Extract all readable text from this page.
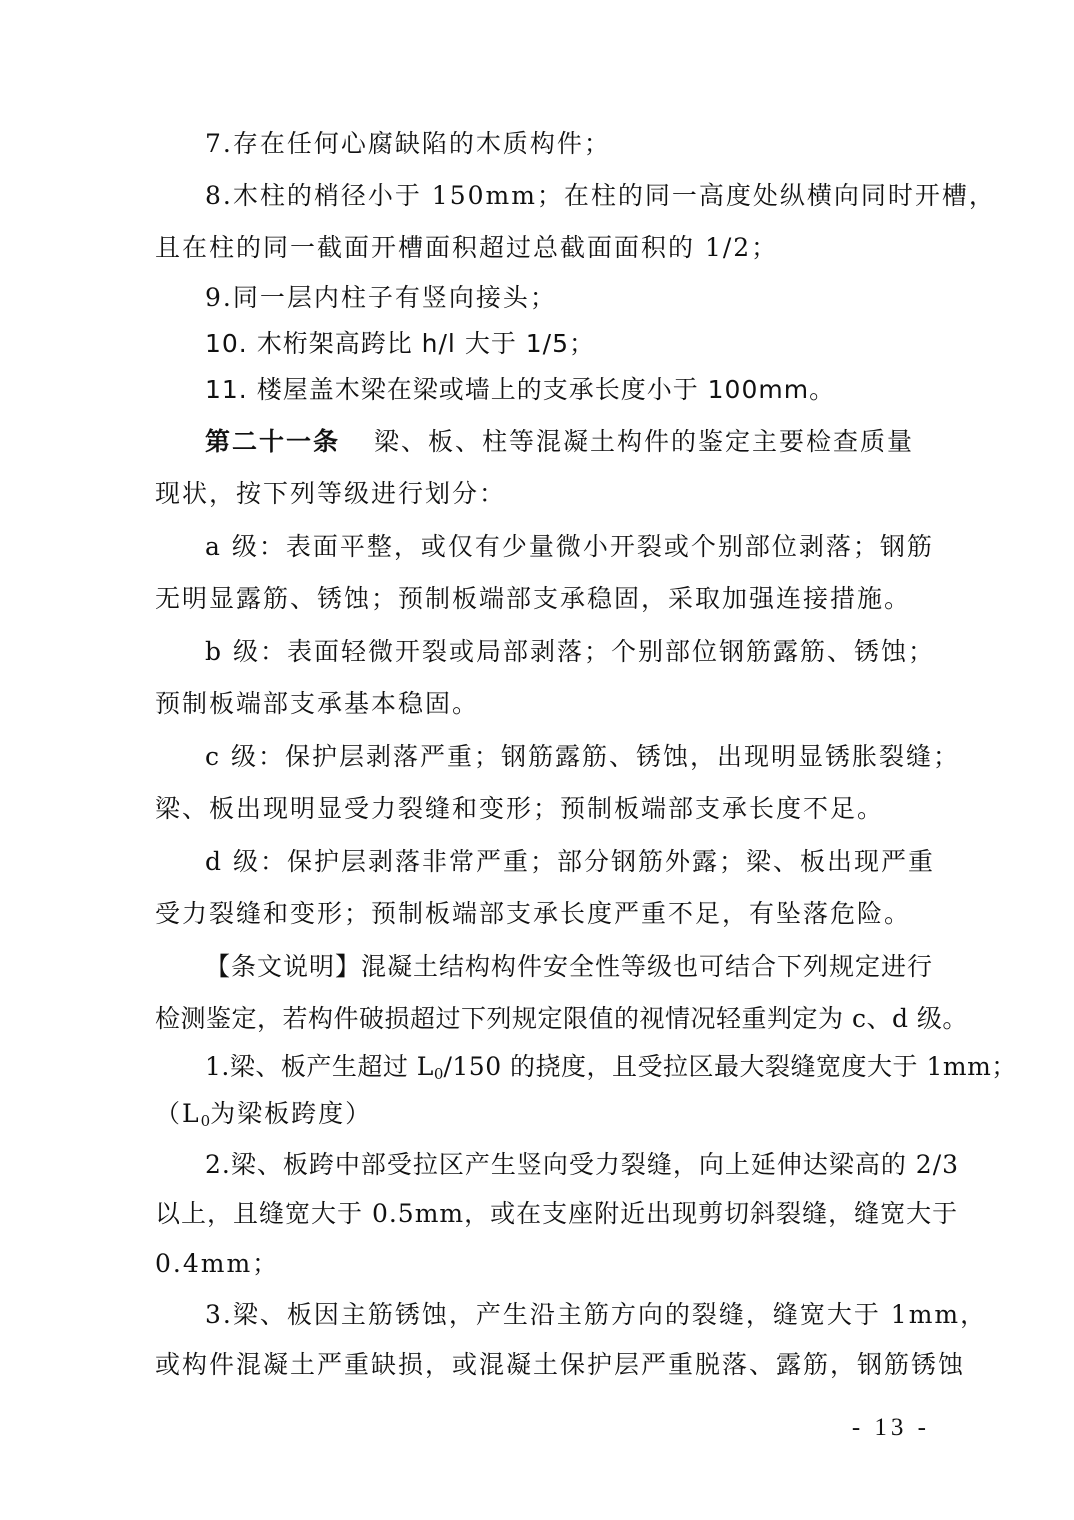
7.存在任何心腐缺陷的木质构件；

8.木柱的梢径小于 150mm；在柱的同一高度处纵横向同时开槽，

且在柱的同一截面开槽面积超过总截面面积的 1/2；

9.同一层内柱子有竖向接头；

10. 木桁架高跨比 h/l 大于 1/5；

11. 楼屋盖木梁在梁或墙上的支承长度小于 100mm。

第二十一条 梁、板、柱等混凝土构件的鉴定主要检查质量

现状，按下列等级进行划分：

a 级：表面平整，或仅有少量微小开裂或个别部位剥落；钢筋

无明显露筋、锈蚀；预制板端部支承稳固，采取加强连接措施。

b 级：表面轻微开裂或局部剥落；个别部位钢筋露筋、锈蚀；

预制板端部支承基本稳固。

c 级：保护层剥落严重；钢筋露筋、锈蚀，出现明显锈胀裂缝；

梁、板出现明显受力裂缝和变形；预制板端部支承长度不足。

d 级：保护层剥落非常严重；部分钢筋外露；梁、板出现严重

受力裂缝和变形；预制板端部支承长度严重不足，有坠落危险。

【条文说明】混凝土结构构件安全性等级也可结合下列规定进行

检测鉴定，若构件破损超过下列规定限值的视情况轻重判定为 c、d 级。

1.梁、板产生超过 $L_0/150$ 的挠度，且受拉区最大裂缝宽度大于 1mm；

（$L_0$为梁板跨度）

2.梁、板跨中部受拉区产生竖向受力裂缝，向上延伸达梁高的 2/3

以上，且缝宽大于 0.5mm，或在支座附近出现剪切斜裂缝，缝宽大于

0.4mm；

3.梁、板因主筋锈蚀，产生沿主筋方向的裂缝，缝宽大于 1mm，

或构件混凝土严重缺损，或混凝土保护层严重脱落、露筋，钢筋锈蚀

- 13 -
